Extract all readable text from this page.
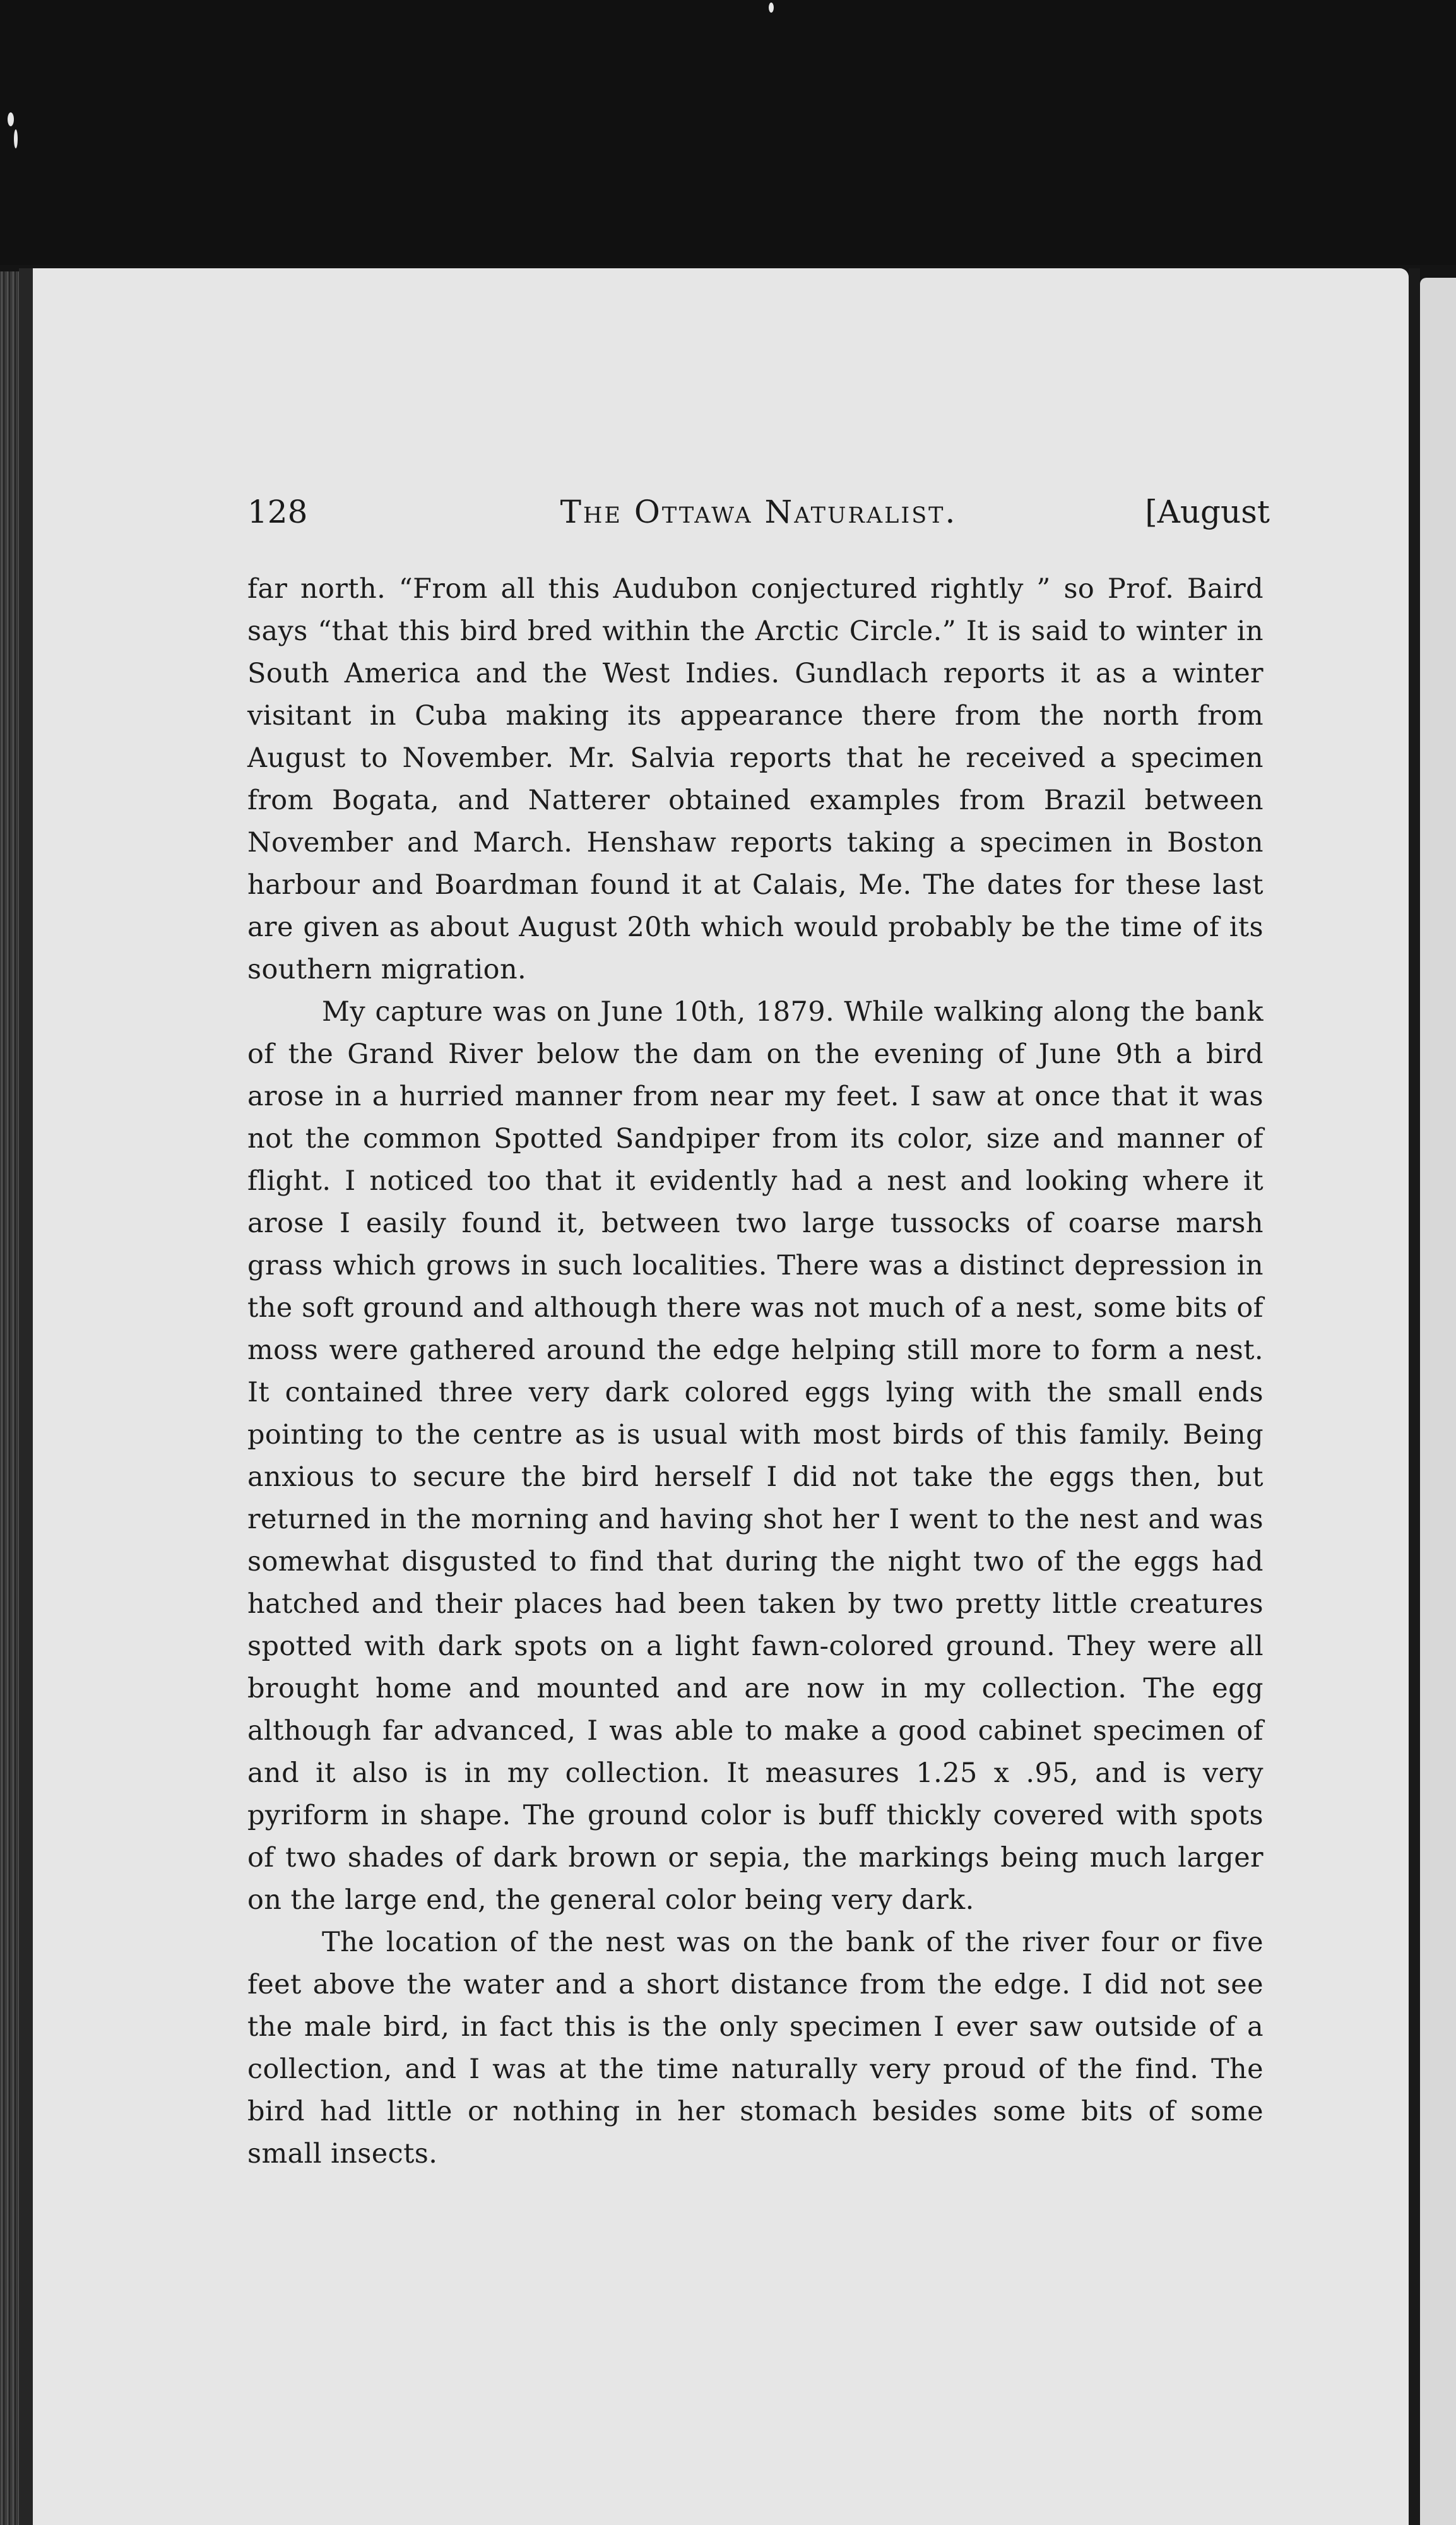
128	The Ottawa Naturalist.	[August

far north. “From all this Audubon conjectured rightly ” so Prof. Baird says “that this bird bred within the Arctic Circle.” It is said to winter in South America and the West Indies. Gundlach reports it as a winter visitant in Cuba making its appearance there from the north from August to November. Mr. Salvia reports that he received a specimen from Bogata, and Natterer obtained examples from Brazil between November and March. Henshaw reports taking a specimen in Boston harbour and Boardman found it at Calais, Me. The dates for these last are given as about August 20th which would probably be the time of its southern migration.

My capture was on June 10th, 1879. While walking along the bank of the Grand River below the dam on the evening of June 9th a bird arose in a hurried manner from near my feet. I saw at once that it was not the common Spotted Sandpiper from its color, size and manner of flight. I noticed too that it evidently had a nest and looking where it arose I easily found it, between two large tussocks of coarse marsh grass which grows in such localities. There was a distinct depression in the soft ground and although there was not much of a nest, some bits of moss were gathered around the edge helping still more to form a nest. It contained three very dark colored eggs lying with the small ends pointing to the centre as is usual with most birds of this family. Being anxious to secure the bird herself I did not take the eggs then, but returned in the morning and having shot her I went to the nest and was somewhat disgusted to find that during the night two of the eggs had hatched and their places had been taken by two pretty little creatures spotted with dark spots on a light fawn-colored ground. They were all brought home and mounted and are now in my collection. The egg although far advanced, I was able to make a good cabinet specimen of and it also is in my collection. It measures 1.25 x .95, and is very pyriform in shape. The ground color is buff thickly covered with spots of two shades of dark brown or sepia, the markings being much larger on the large end, the general color being very dark.

The location of the nest was on the bank of the river four or five feet above the water and a short distance from the edge. I did not see the male bird, in fact this is the only specimen I ever saw outside of a collection, and I was at the time naturally very proud of the find. The bird had little or nothing in her stomach besides some bits of some small insects.
